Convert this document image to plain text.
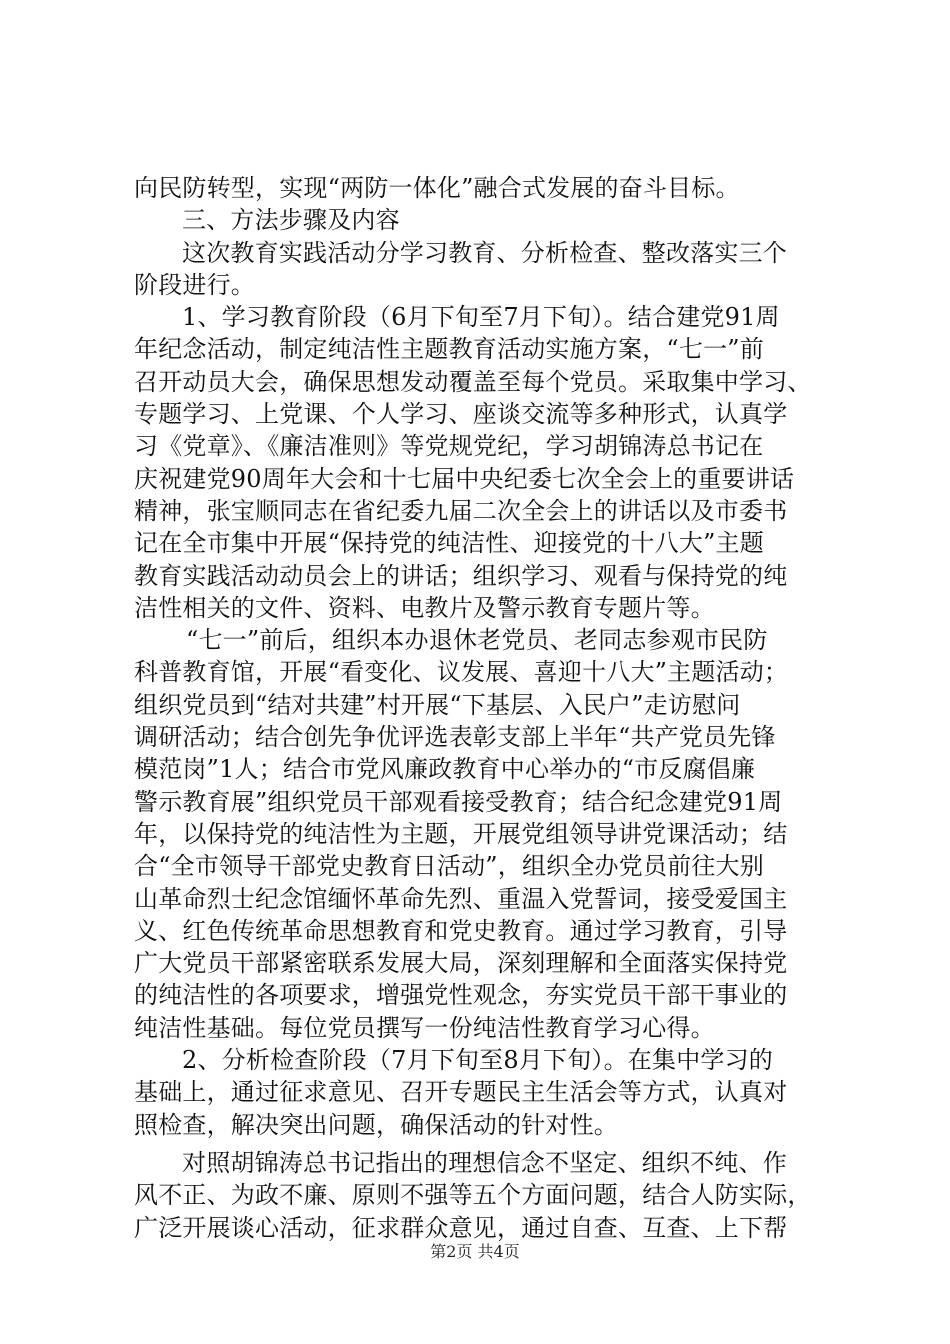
向民防转型，实现“两防一体化”融合式发展的奋斗目标。
三、方法步骤及内容
这次教育实践活动分学习教育、分析检查、整改落实三个
阶段进行。
1、学习教育阶段（6月下旬至7月下旬）。结合建党91周
年纪念活动，制定纯洁性主题教育活动实施方案，“七一”前
召开动员大会，确保思想发动覆盖至每个党员。采取集中学习、
专题学习、上党课、个人学习、座谈交流等多种形式，认真学
习《党章》、《廉洁准则》等党规党纪，学习胡锦涛总书记在
庆祝建党90周年大会和十七届中央纪委七次全会上的重要讲话
精神，张宝顺同志在省纪委九届二次全会上的讲话以及市委书
记在全市集中开展“保持党的纯洁性、迎接党的十八大”主题
教育实践活动动员会上的讲话；组织学习、观看与保持党的纯
洁性相关的文件、资料、电教片及警示教育专题片等。
“七一”前后，组织本办退休老党员、老同志参观市民防
科普教育馆，开展“看变化、议发展、喜迎十八大”主题活动；
组织党员到“结对共建”村开展“下基层、入民户”走访慰问
调研活动；结合创先争优评选表彰支部上半年“共产党员先锋
模范岗”1人；结合市党风廉政教育中心举办的“市反腐倡廉
警示教育展”组织党员干部观看接受教育；结合纪念建党91周
年，以保持党的纯洁性为主题，开展党组领导讲党课活动；结
合“全市领导干部党史教育日活动”，组织全办党员前往大别
山革命烈士纪念馆缅怀革命先烈、重温入党誓词，接受爱国主
义、红色传统革命思想教育和党史教育。通过学习教育，引导
广大党员干部紧密联系发展大局，深刻理解和全面落实保持党
的纯洁性的各项要求，增强党性观念，夯实党员干部干事业的
纯洁性基础。每位党员撰写一份纯洁性教育学习心得。
2、分析检查阶段（7月下旬至8月下旬）。在集中学习的
基础上，通过征求意见、召开专题民主生活会等方式，认真对
照检查，解决突出问题，确保活动的针对性。
对照胡锦涛总书记指出的理想信念不坚定、组织不纯、作
风不正、为政不廉、原则不强等五个方面问题，结合人防实际，
广泛开展谈心活动，征求群众意见，通过自查、互查、上下帮
第2页 共4页
